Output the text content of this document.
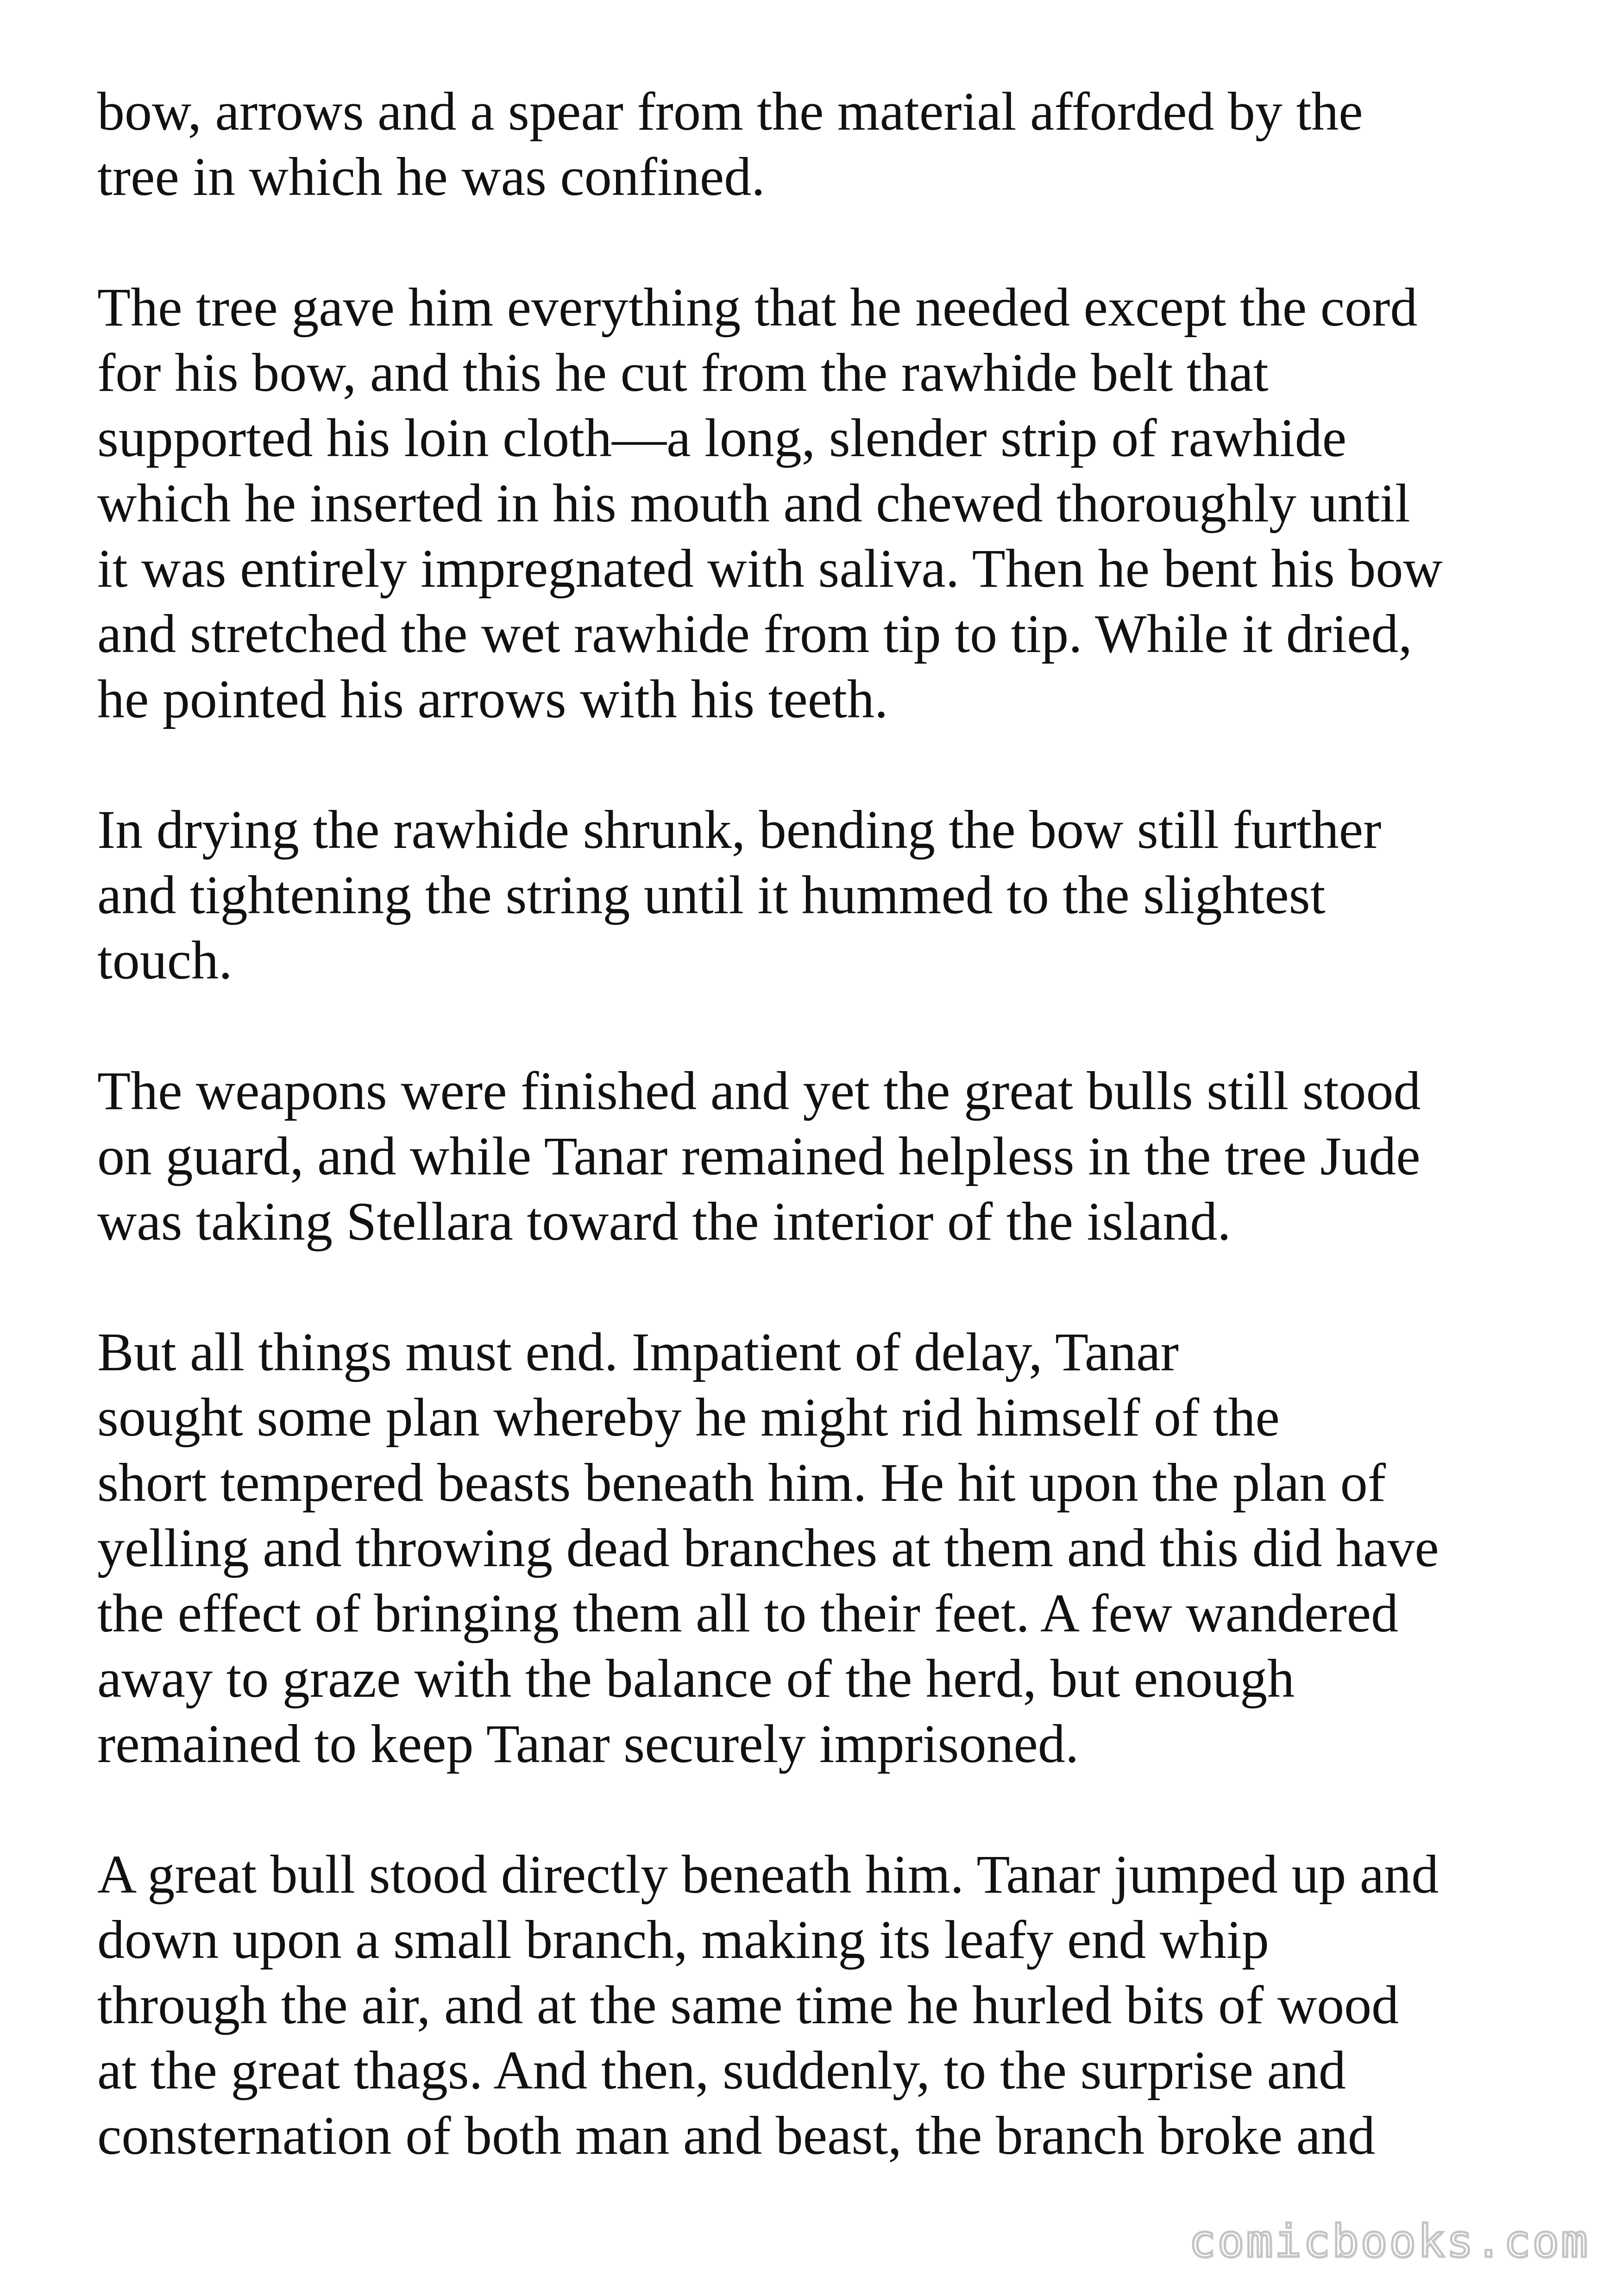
bow, arrows and a spear from the material afforded by the
tree in which he was confined.

The tree gave him everything that he needed except the cord
for his bow, and this he cut from the rawhide belt that
supported his loin cloth—a long, slender strip of rawhide
which he inserted in his mouth and chewed thoroughly until
it was entirely impregnated with saliva. Then he bent his bow
and stretched the wet rawhide from tip to tip. While it dried,
he pointed his arrows with his teeth.

In drying the rawhide shrunk, bending the bow still further
and tightening the string until it hummed to the slightest
touch.

The weapons were finished and yet the great bulls still stood
on guard, and while Tanar remained helpless in the tree Jude
was taking Stellara toward the interior of the island.

But all things must end. Impatient of delay, Tanar
sought some plan whereby he might rid himself of the
short tempered beasts beneath him. He hit upon the plan of
yelling and throwing dead branches at them and this did have
the effect of bringing them all to their feet. A few wandered
away to graze with the balance of the herd, but enough
remained to keep Tanar securely imprisoned.

A great bull stood directly beneath him. Tanar jumped up and
down upon a small branch, making its leafy end whip
through the air, and at the same time he hurled bits of wood
at the great thags. And then, suddenly, to the surprise and
consternation of both man and beast, the branch broke and

comicbooks.com
